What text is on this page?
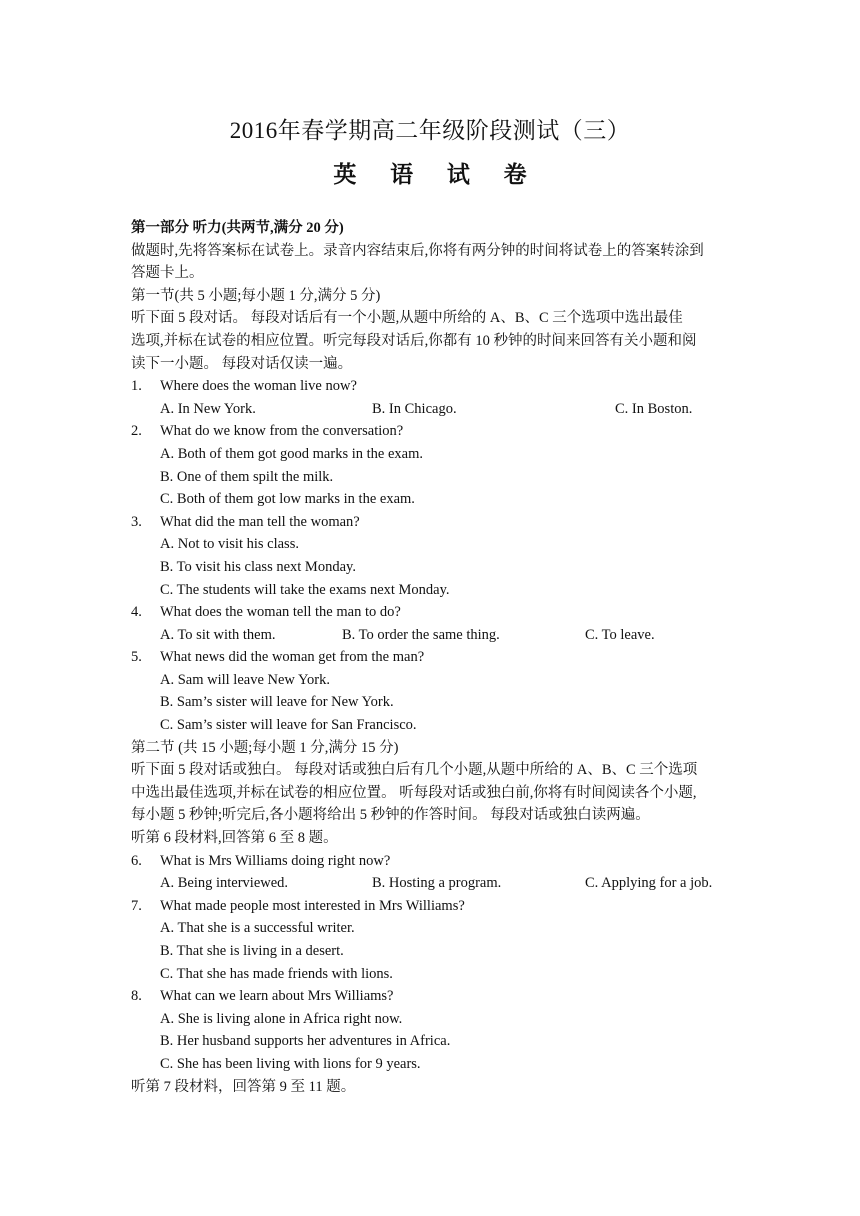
2016年春学期高二年级阶段测试（三）
英 语 试 卷
第一部分 听力(共两节,满分 20 分)
做题时,先将答案标在试卷上。录音内容结束后,你将有两分钟的时间将试卷上的答案转涂到
答题卡上。
第一节(共 5 小题;每小题 1 分,满分 5 分)
听下面 5 段对话。 每段对话后有一个小题,从题中所给的 A、B、C 三个选项中选出最佳
选项,并标在试卷的相应位置。听完每段对话后,你都有 10 秒钟的时间来回答有关小题和阅
读下一小题。 每段对话仅读一遍。
1. Where does the woman live now?
A. In New York.	B. In Chicago.	C. In Boston.
2. What do we know from the conversation?
A. Both of them got good marks in the exam.
B. One of them spilt the milk.
C. Both of them got low marks in the exam.
3. What did the man tell the woman?
A. Not to visit his class.
B. To visit his class next Monday.
C. The students will take the exams next Monday.
4. What does the woman tell the man to do?
A. To sit with them.	B. To order the same thing.	C. To leave.
5. What news did the woman get from the man?
A. Sam will leave New York.
B. Sam’s sister will leave for New York.
C. Sam’s sister will leave for San Francisco.
第二节 (共 15 小题;每小题 1 分,满分 15 分)
听下面 5 段对话或独白。 每段对话或独白后有几个小题,从题中所给的 A、B、C 三个选项
中选出最佳选项,并标在试卷的相应位置。 听每段对话或独白前,你将有时间阅读各个小题,
每小题 5 秒钟;听完后,各小题将给出 5 秒钟的作答时间。 每段对话或独白读两遍。
听第 6 段材料,回答第 6 至 8 题。
6. What is Mrs Williams doing right now?
A. Being interviewed.	B. Hosting a program.	C. Applying for a job.
7. What made people most interested in Mrs Williams?
A. That she is a successful writer.
B. That she is living in a desert.
C. That she has made friends with lions.
8. What can we learn about Mrs Williams?
A. She is living alone in Africa right now.
B. Her husband supports her adventures in Africa.
C. She has been living with lions for 9 years.
听第 7 段材料，回答第 9 至 11 题。
